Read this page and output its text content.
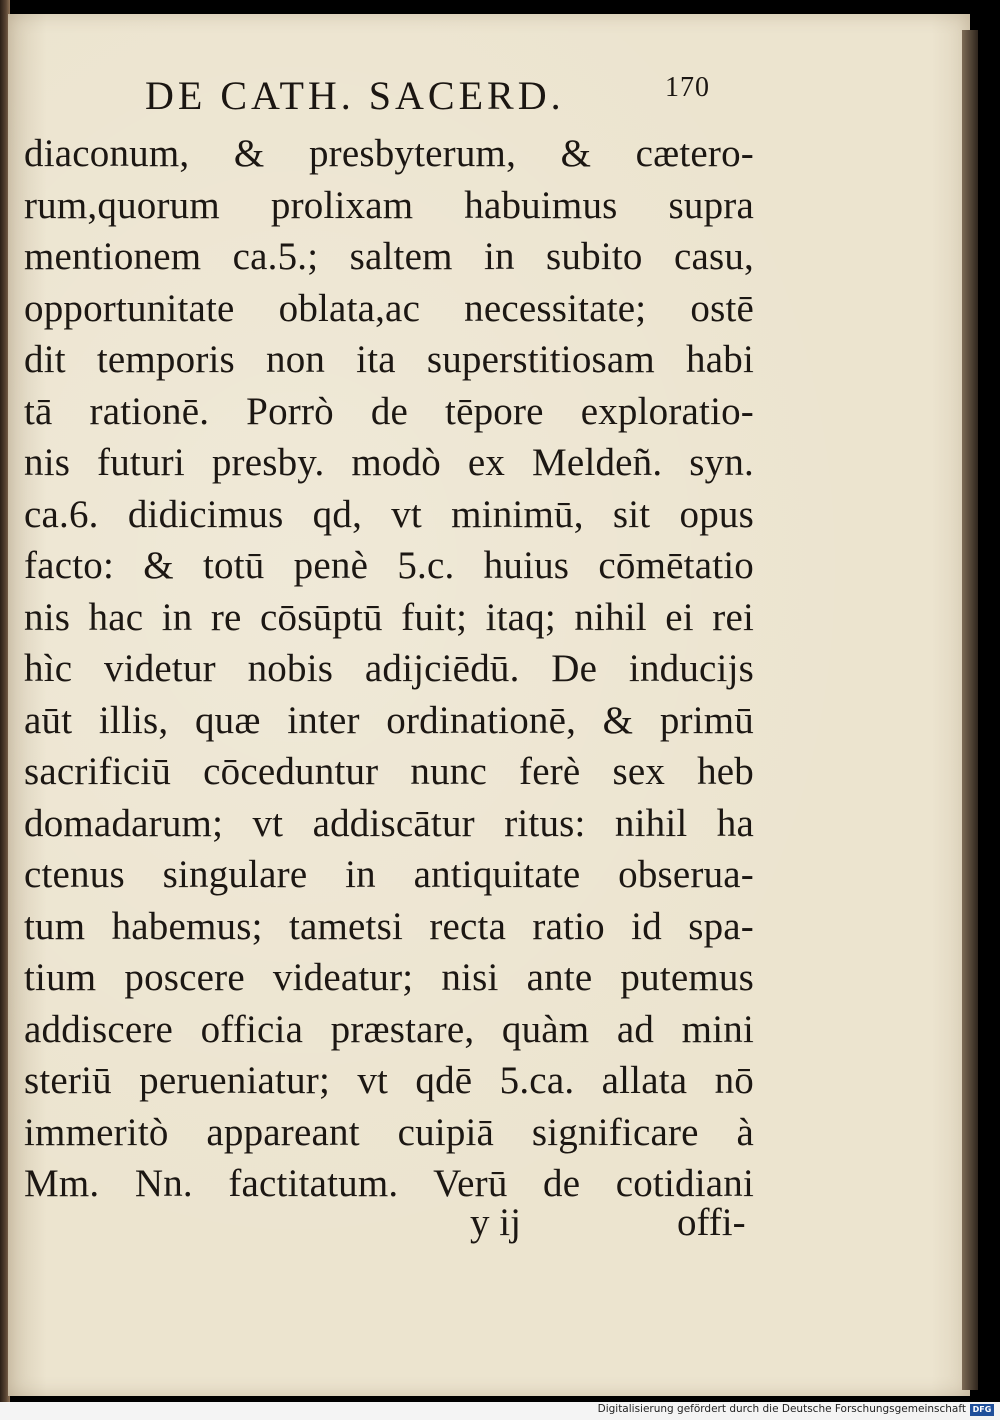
DE CATH. SACERD.	170
diaconum, & presbyterum, & cætero-
rum,quorum prolixam habuimus supra
mentionem ca.5.; saltem in subito casu,
opportunitate oblata,ac necessitate; ostē
dit temporis non ita superstitiosam habi
tā rationē. Porrò de tēpore exploratio-
nis futuri presby. modò ex Meldeñ. syn.
ca.6. didicimus qd, vt minimū, sit opus
facto: & totū penè 5.c. huius cōmētatio
nis hac in re cōsūptū fuit; itaq; nihil ei rei
hìc videtur nobis adijciēdū. De inducijs
aūt illis, quæ inter ordinationē, & primū
sacrificiū cōceduntur nunc ferè sex heb
domadarum; vt addiscātur ritus: nihil ha
ctenus singulare in antiquitate obserua-
tum habemus; tametsi recta ratio id spa-
tium poscere videatur; nisi ante putemus
addiscere officia præstare, quàm ad mini
steriū perueniatur; vt qdē 5.ca. allata nō
immeritò appareant cuipiā significare à
Mm. Nn. factitatum. Verū de cotidiani
y ij	offi-
Digitalisierung gefördert durch die Deutsche Forschungsgemeinschaft DFG
